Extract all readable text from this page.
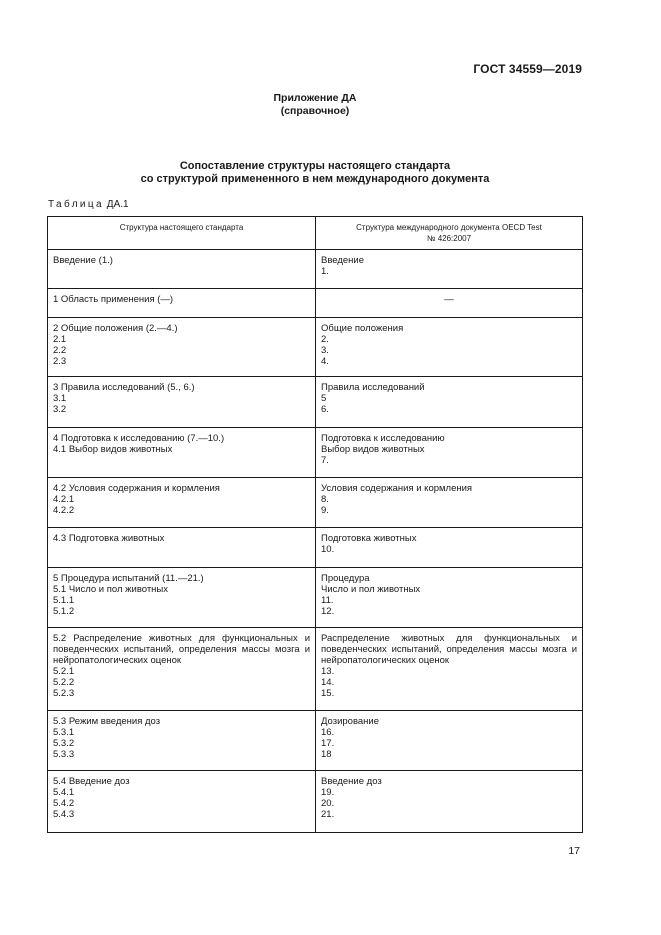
ГОСТ 34559—2019
Приложение ДА
(справочное)
Сопоставление структуры настоящего стандарта
со структурой примененного в нем международного документа
Таблица ДА.1
Структура настоящего стандарта	Структура международного документа OECD Test
№ 426:2007

Введение (1.)	Введение
1.

1 Область применения (—)	—

2 Общие положения (2.—4.)
2.1
2.2
2.3	Общие положения
2.
3.
4.

3 Правила исследований (5., 6.)
3.1
3.2	Правила исследований
5
6.

4 Подготовка к исследованию (7.—10.)
4.1 Выбор видов животных	Подготовка к исследованию
Выбор видов животных
7.

4.2 Условия содержания и кормления
4.2.1
4.2.2	Условия содержания и кормления
8.
9.

4.3 Подготовка животных	Подготовка животных
10.

5 Процедура испытаний (11.—21.)
5.1 Число и пол животных
5.1.1
5.1.2	Процедура
Число и пол животных
11.
12.

5.2 Распределение животных для функциональных и поведенческих испытаний, определения массы мозга и нейропатологических оценок
5.2.1
5.2.2
5.2.3	Распределение животных для функциональных и поведенческих испытаний, определения массы мозга и нейропатологических оценок
13.
14.
15.

5.3 Режим введения доз
5.3.1
5.3.2
5.3.3	Дозирование
16.
17.
18

5.4 Введение доз
5.4.1
5.4.2
5.4.3	Введение доз
19.
20.
21.
17
